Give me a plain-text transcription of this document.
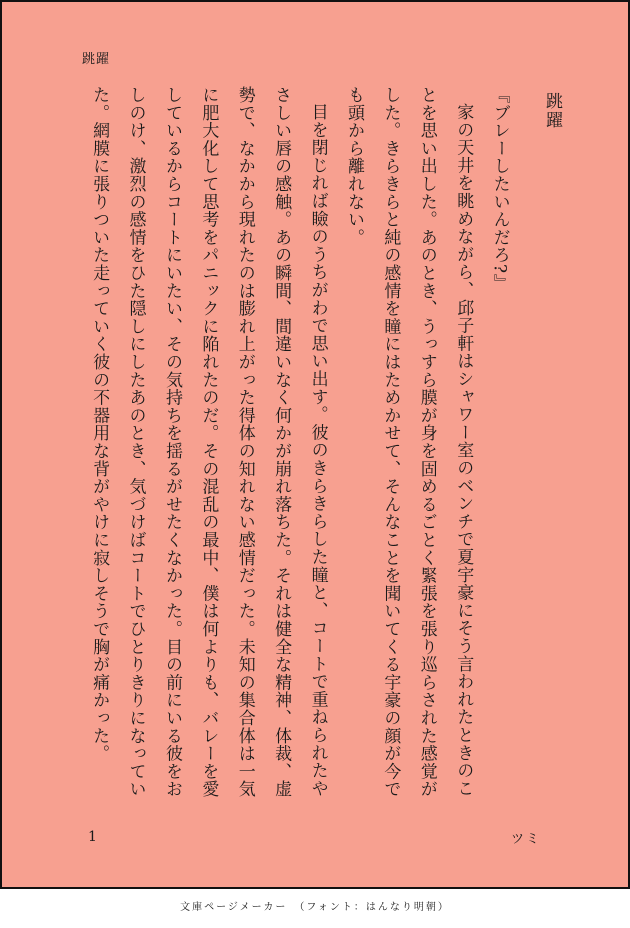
跳躍
跳躍

『ブレーしたいんだろ?』

家の天井を眺めながら、邱子軒はシャワー室のベンチで夏宇豪にそう言われたときのことを思い出した。あのとき、うっすら膜が身を固めるごとく緊張を張り巡らされた感覚がした。きらきらと純の感情を瞳にはためかせて、そんなことを聞いてくる宇豪の顔が今でも頭から離れない。

目を閉じれば瞼のうちがわで思い出す。彼のきらきらした瞳と、コートで重ねられたやさしい唇の感触。あの瞬間、間違いなく何かが崩れ落ちた。それは健全な精神、体裁、虚勢で、なかから現れたのは膨れ上がった得体の知れない感情だった。未知の集合体は一気に肥大化して思考をパニックに陥れたのだ。その混乱の最中、僕は何よりも、バレーを愛しているからコートにいたい、その気持ちを揺るがせたくなかった。目の前にいる彼をおしのけ、激烈の感情をひた隠しにしたあのとき、気づけばコートでひとりきりになっていた。網膜に張りついた走っていく彼の不器用な背がやけに寂しそうで胸が痛かった。

1	ツミ
文庫ページメーカー　（フォント：はんなり明朝）
